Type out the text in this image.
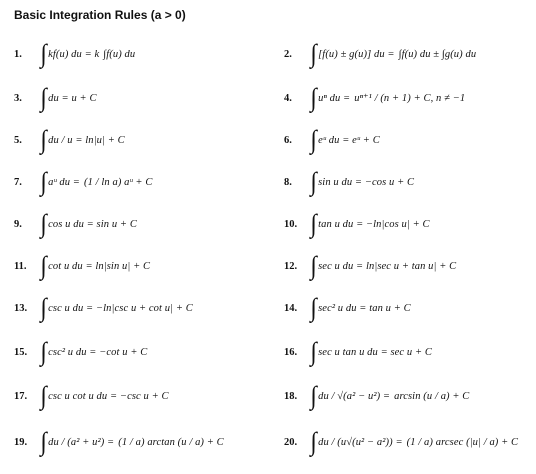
Basic Integration Rules (a > 0)
1. ∫ kf(u) du = k ∫f(u) du	2. ∫ [f(u) ± g(u)] du = ∫f(u) du ± ∫g(u) du
3. ∫ du = u + C	4. ∫ uⁿ du = uⁿ⁺¹ / (n + 1) + C, n ≠ −1
5. ∫ du / u = ln|u| + C	6. ∫ eᵘ du = eᵘ + C
7. ∫ aᵘ du = (1 / ln a) aᵘ + C	8. ∫ sin u du = −cos u + C
9. ∫ cos u du = sin u + C	10. ∫ tan u du = −ln|cos u| + C
11. ∫ cot u du = ln|sin u| + C	12. ∫ sec u du = ln|sec u + tan u| + C
13. ∫ csc u du = −ln|csc u + cot u| + C	14. ∫ sec² u du = tan u + C
15. ∫ csc² u du = −cot u + C	16. ∫ sec u tan u du = sec u + C
17. ∫ csc u cot u du = −csc u + C	18. ∫ du / √(a² − u²) = arcsin (u / a) + C
19. ∫ du / (a² + u²) = (1 / a) arctan (u / a) + C	20. ∫ du / (u√(u² − a²)) = (1 / a) arcsec (|u| / a) + C
